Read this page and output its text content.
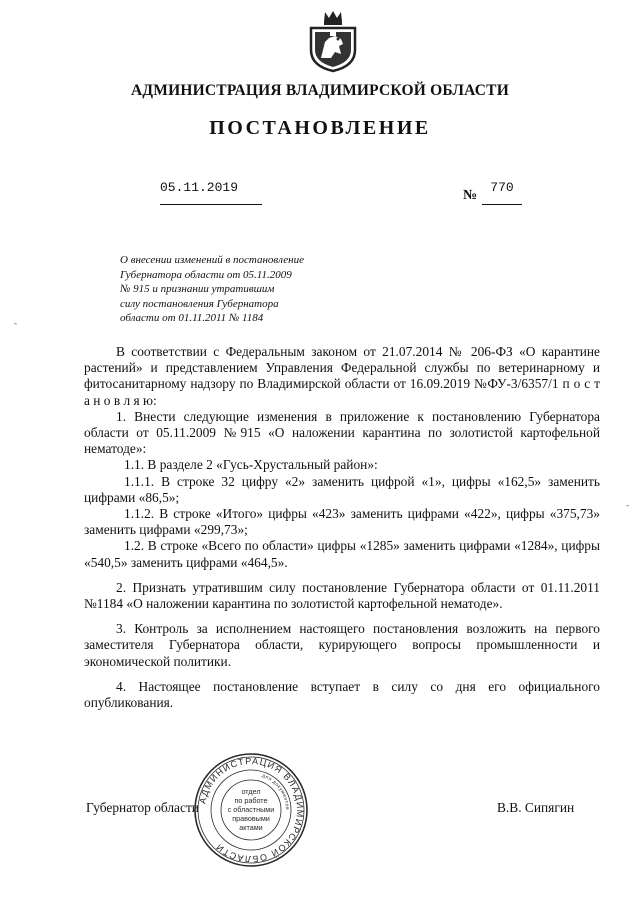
АДМИНИСТРАЦИЯ ВЛАДИМИРСКОЙ ОБЛАСТИ
ПОСТАНОВЛЕНИЕ
05.11.2019
№
770
О внесении изменений в постановление
Губернатора области от 05.11.2009
№ 915 и признании утратившим
силу постановления Губернатора
области от 01.11.2011 № 1184
-
-

В соответствии с Федеральным законом от 21.07.2014 № 206-ФЗ «О карантине растений» и представлением Управления Федеральной службы по ветеринарному и фитосанитарному надзору по Владимирской области от 16.09.2019 №ФУ-3/6357/1 п о с т а н о в л я ю:

1. Внести следующие изменения в приложение к постановлению Губернатора области от 05.11.2009 №915 «О наложении карантина по золотистой картофельной нематоде»:

1.1. В разделе 2 «Гусь-Хрустальный район»:

1.1.1. В строке 32 цифру «2» заменить цифрой «1», цифры «162,5» заменить цифрами «86,5»;

1.1.2. В строке «Итого» цифры «423» заменить цифрами «422», цифры «375,73» заменить цифрами «299,73»;

1.2. В строке «Всего по области» цифры «1285» заменить цифрами «1284», цифры «540,5» заменить цифрами «464,5».

2. Признать утратившим силу постановление Губернатора области от 01.11.2011 №1184 «О наложении карантина по золотистой картофельной нематоде».

3. Контроль за исполнением настоящего постановления возложить на первого заместителя Губернатора области, курирующего вопросы промышленности и экономической политики.

4. Настоящее постановление вступает в силу со дня его официального опубликования.

Губернатор области	В.В. Сипягин
АДМИНИСТРАЦИЯ ВЛАДИМИРСКОЙ ОБЛАСТИ
для документов
отдел
по работе
с областными
правовыми
актами
